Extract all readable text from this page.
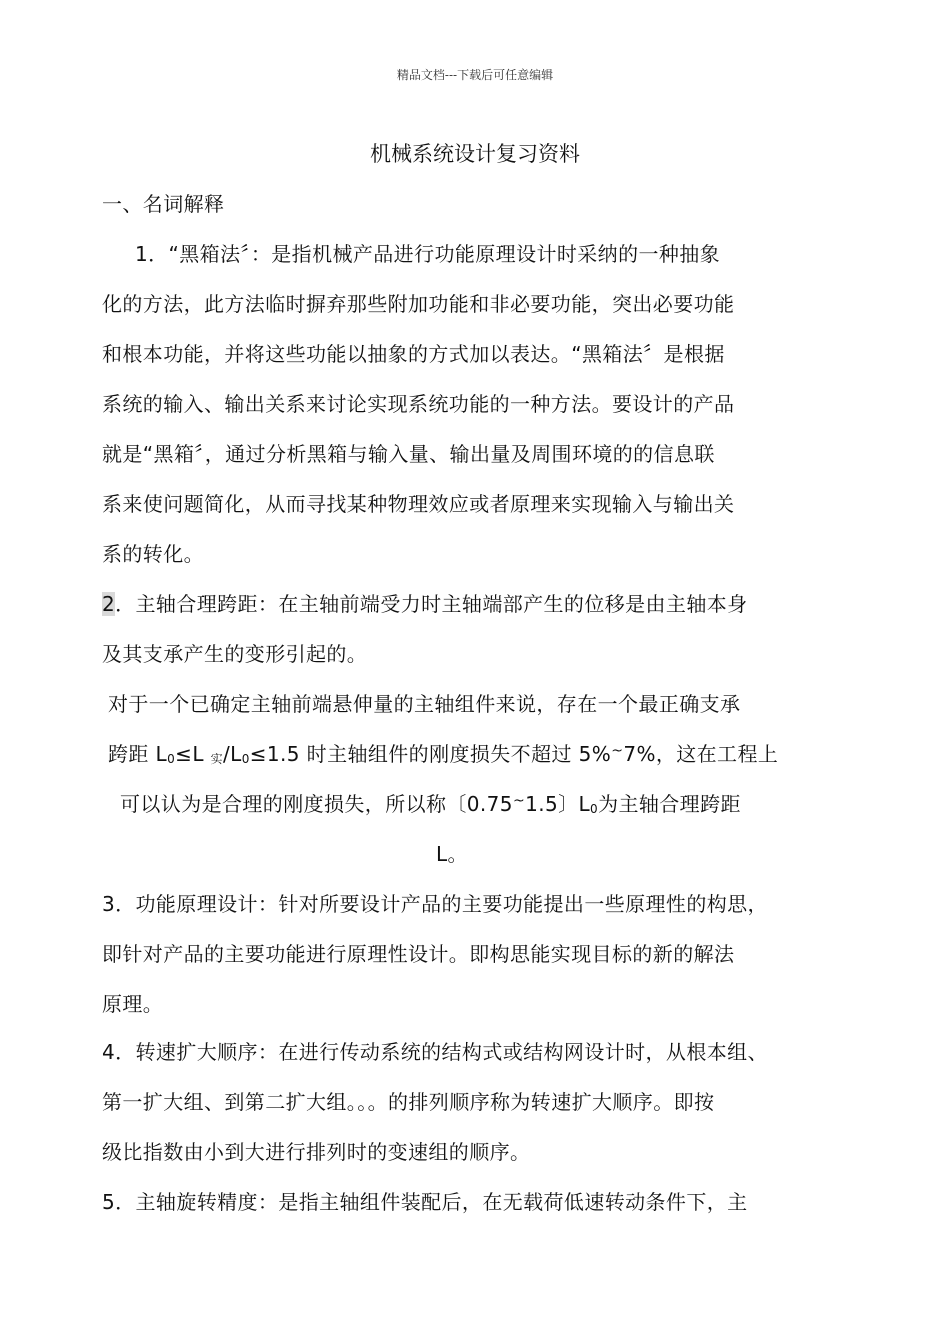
精品文档---下载后可任意编辑
机械系统设计复习资料
一、名词解释
1．“黑箱法〞：是指机械产品进行功能原理设计时采纳的一种抽象
化的方法，此方法临时摒弃那些附加功能和非必要功能，突出必要功能
和根本功能，并将这些功能以抽象的方式加以表达。“黑箱法〞是根据
系统的输入、输出关系来讨论实现系统功能的一种方法。要设计的产品
就是“黑箱〞，通过分析黑箱与输入量、输出量及周围环境的的信息联
系来使问题简化，从而寻找某种物理效应或者原理来实现输入与输出关
系的转化。
2．主轴合理跨距：在主轴前端受力时主轴端部产生的位移是由主轴本身
及其支承产生的变形引起的。
对于一个已确定主轴前端悬伸量的主轴组件来说，存在一个最正确支承
跨距 L0≤L 实/L0≤1.5 时主轴组件的刚度损失不超过 5%~7%，这在工程上
可以认为是合理的刚度损失，所以称〔0.75~1.5〕L0为主轴合理跨距
L。
3．功能原理设计：针对所要设计产品的主要功能提出一些原理性的构思，
即针对产品的主要功能进行原理性设计。即构思能实现目标的新的解法
原理。
4．转速扩大顺序：在进行传动系统的结构式或结构网设计时，从根本组、
第一扩大组、到第二扩大组。。。的排列顺序称为转速扩大顺序。即按
级比指数由小到大进行排列时的变速组的顺序。
5．主轴旋转精度：是指主轴组件装配后，在无载荷低速转动条件下，主
